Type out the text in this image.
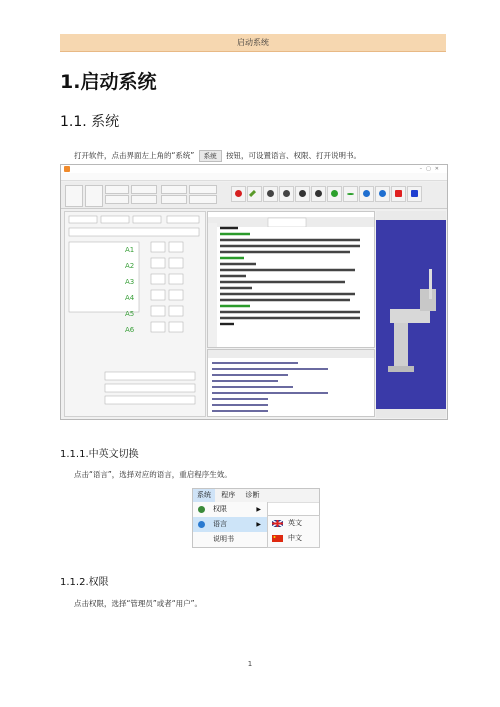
启动系统
1.启动系统
1.1. 系统
打开软件，点击界面左上角的“系统” 系统 按钮，可设置语言、权限、打开说明书。
–▢✕
A1
A2
A3
A4
A5
A6
1.1.1.中英文切换
点击“语言”，选择对应的语言，重启程序生效。
系统 程序 诊断
权限	▶
语言	▶
说明书
英文
中文
1.1.2.权限
点击权限，选择“管理员”或者“用户”。
1
